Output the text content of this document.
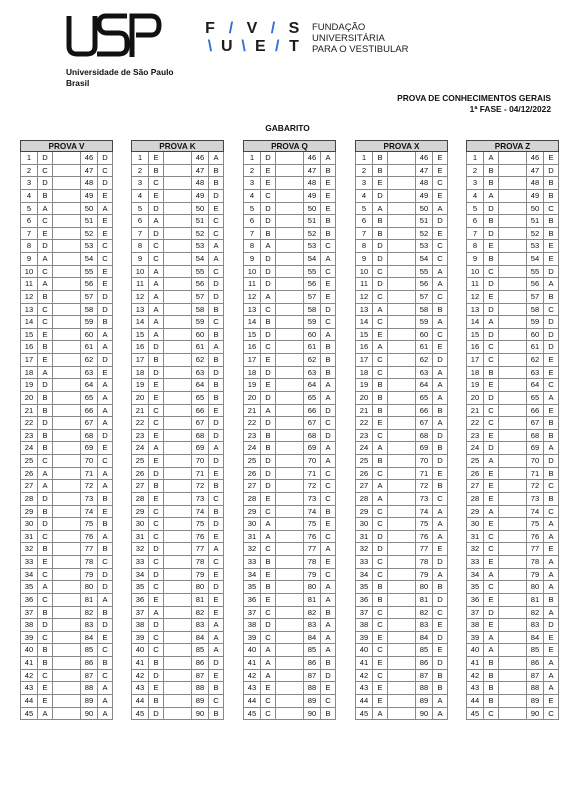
Universidade de São Paulo
Brasil
F / V / S
\ U \ E / T
FUNDAÇÃO
UNIVERSITÁRIA
PARA O VESTIBULAR
PROVA DE CONHECIMENTOS GERAIS
1ª FASE - 04/12/2022
GABARITO
PROVA V
1	D	46	D
2	C	47	C
3	D	48	D
4	B	49	E
5	A	50	A
6	C	51	E
7	E	52	E
8	D	53	C
9	A	54	C
10	C	55	E
11	A	56	E
12	B	57	D
13	C	58	D
14	C	59	B
15	E	60	A
16	B	61	A
17	E	62	D
18	A	63	E
19	D	64	A
20	B	65	A
21	B	66	A
22	D	67	A
23	B	68	D
24	B	69	E
25	C	70	C
26	A	71	A
27	A	72	A
28	D	73	B
29	B	74	E
30	D	75	B
31	C	76	A
32	B	77	B
33	E	78	C
34	C	79	D
35	A	80	D
36	C	81	A
37	B	82	B
38	D	83	D
39	C	84	E
40	B	85	C
41	B	86	B
42	C	87	C
43	E	88	A
44	E	89	A
45	A	90	A
PROVA K
1	E	46	A
2	B	47	B
3	C	48	B
4	E	49	D
5	D	50	E
6	A	51	C
7	D	52	C
8	C	53	A
9	C	54	A
10	A	55	C
11	A	56	D
12	A	57	D
13	A	58	B
14	A	59	C
15	A	60	B
16	D	61	A
17	B	62	B
18	D	63	D
19	E	64	B
20	E	65	B
21	C	66	E
22	C	67	D
23	E	68	D
24	A	69	A
25	E	70	D
26	D	71	E
27	B	72	B
28	E	73	C
29	C	74	B
30	C	75	D
31	C	76	E
32	D	77	A
33	C	78	C
34	D	79	E
35	C	80	D
36	E	81	E
37	A	82	E
38	D	83	A
39	C	84	A
40	C	85	A
41	B	86	D
42	D	87	E
43	E	88	B
44	B	89	C
45	D	90	B
PROVA Q
1	D	46	A
2	E	47	B
3	E	48	E
4	C	49	E
5	D	50	E
6	D	51	B
7	B	52	B
8	A	53	C
9	D	54	A
10	D	55	C
11	D	56	E
12	A	57	E
13	C	58	D
14	B	59	C
15	D	60	A
16	C	61	B
17	E	62	B
18	D	63	B
19	E	64	A
20	D	65	A
21	A	66	D
22	D	67	C
23	B	68	D
24	B	69	A
25	D	70	A
26	D	71	C
27	D	72	C
28	E	73	C
29	C	74	B
30	A	75	E
31	A	76	C
32	C	77	A
33	B	78	E
34	E	79	C
35	B	80	A
36	E	81	A
37	C	82	B
38	D	83	A
39	C	84	A
40	A	85	A
41	A	86	B
42	A	87	D
43	E	88	E
44	C	89	C
45	C	90	B
PROVA X
1	B	46	E
2	B	47	E
3	E	48	C
4	D	49	E
5	A	50	A
6	B	51	D
7	B	52	E
8	D	53	C
9	D	54	C
10	C	55	A
11	D	56	A
12	C	57	C
13	A	58	B
14	C	59	A
15	E	60	C
16	A	61	E
17	C	62	D
18	C	63	A
19	B	64	A
20	B	65	A
21	B	66	B
22	E	67	A
23	C	68	D
24	A	69	B
25	B	70	D
26	C	71	E
27	A	72	B
28	A	73	C
29	C	74	A
30	C	75	A
31	D	76	A
32	D	77	E
33	C	78	D
34	C	79	A
35	B	80	B
36	B	81	D
37	C	82	C
38	C	83	E
39	E	84	D
40	C	85	E
41	E	86	D
42	C	87	B
43	E	88	B
44	E	89	A
45	A	90	A
PROVA Z
1	A	46	E
2	B	47	D
3	B	48	B
4	A	49	B
5	D	50	C
6	B	51	B
7	D	52	B
8	E	53	E
9	B	54	E
10	C	55	D
11	D	56	A
12	E	57	B
13	D	58	C
14	A	59	D
15	D	60	D
16	C	61	D
17	C	62	E
18	B	63	E
19	E	64	C
20	D	65	A
21	C	66	E
22	C	67	B
23	E	68	B
24	D	69	A
25	A	70	D
26	E	71	B
27	E	72	C
28	E	73	B
29	A	74	C
30	E	75	A
31	C	76	A
32	C	77	E
33	E	78	A
34	A	79	A
35	C	80	A
36	E	81	B
37	D	82	A
38	E	83	D
39	A	84	E
40	A	85	E
41	B	86	A
42	B	87	A
43	B	88	A
44	B	89	E
45	C	90	C
